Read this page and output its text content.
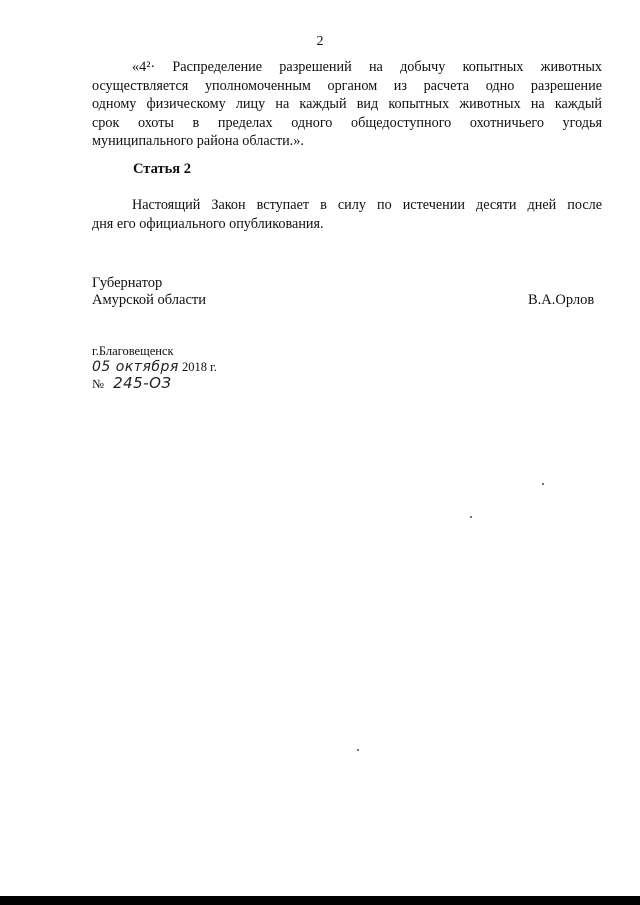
2
«4²· Распределение разрешений на добычу копытных животных
осуществляется уполномоченным органом из расчета одно разрешение
одному физическому лицу на каждый вид копытных животных на каждый
срок охоты в пределах одного общедоступного охотничьего угодья
муниципального района области.».
Статья 2
Настоящий Закон вступает в силу по истечении десяти дней после
дня его официального опубликования.
Губернатор
Амурской области	В.А.Орлов
г.Благовещенск
05 октября 2018 г.
№ 245-ОЗ
